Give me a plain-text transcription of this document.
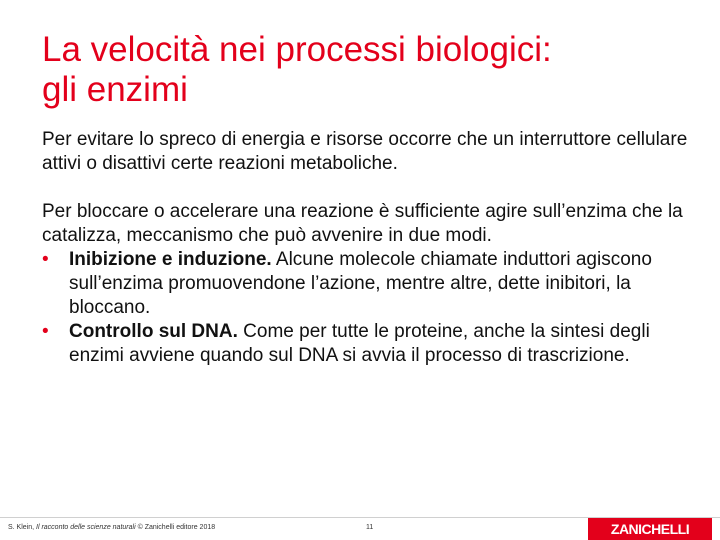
La velocità nei processi biologici:
gli enzimi

Per evitare lo spreco di energia e risorse occorre che un interruttore cellulare attivi o disattivi certe reazioni metaboliche.

Per bloccare o accelerare una reazione è sufficiente agire sull’enzima che la catalizza, meccanismo che può avvenire in due modi.
• Inibizione e induzione. Alcune molecole chiamate induttori agiscono sull’enzima promuovendone l’azione, mentre altre, dette inibitori, la bloccano.
• Controllo sul DNA. Come per tutte le proteine, anche la sintesi degli enzimi avviene quando sul DNA si avvia il processo di trascrizione.
S. Klein, Il racconto delle scienze naturali © Zanichelli editore 2018	11	ZANICHELLI
